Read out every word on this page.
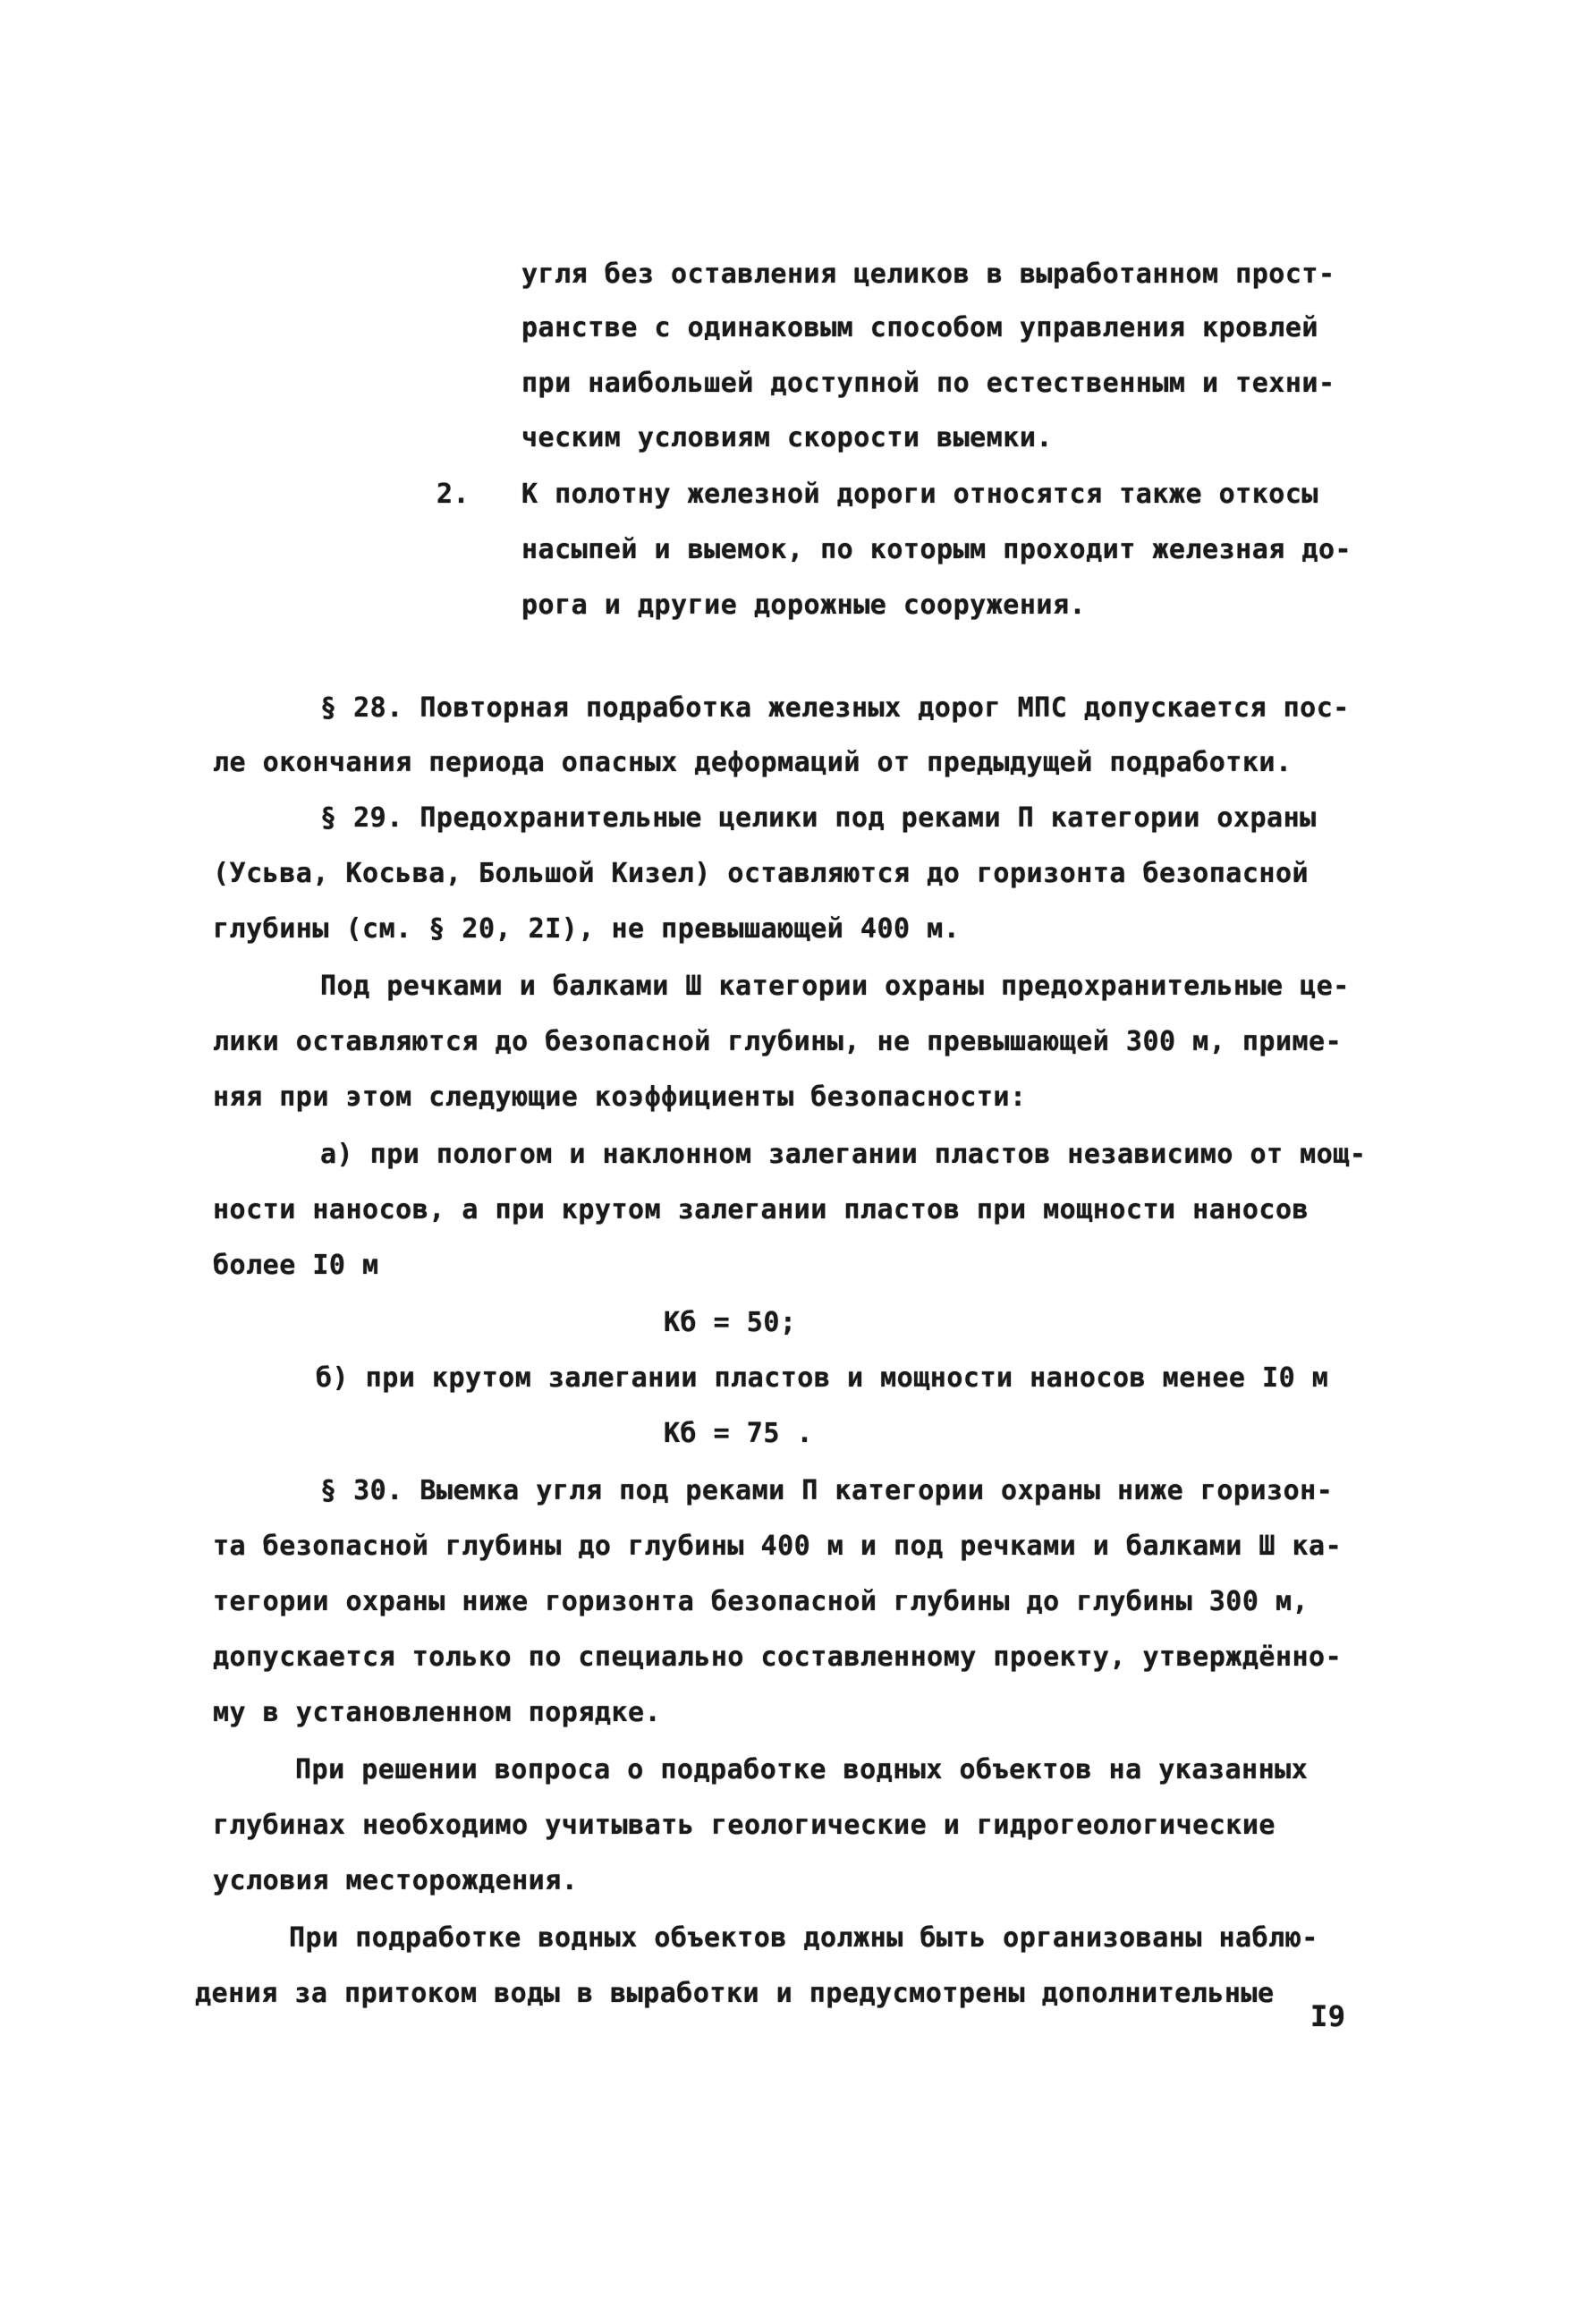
угля без оставления целиков в выработанном прост-
ранстве с одинаковым способом управления кровлей
при наибольшей доступной по естественным и техни-
ческим условиям скорости выемки.
2. К полотну железной дороги относятся также откосы
насыпей и выемок, по которым проходит железная до-
рога и другие дорожные сооружения.
§ 28. Повторная подработка железных дорог МПС допускается пос-
ле окончания периода опасных деформаций от предыдущей подработки.
§ 29. Предохранительные целики под реками П категории охраны
(Усьва, Косьва, Большой Кизел) оставляются до горизонта безопасной
глубины (см. § 20, 2I), не превышающей 400 м.
Под речками и балками Ш категории охраны предохранительные це-
лики оставляются до безопасной глубины, не превышающей 300 м, приме-
няя при этом следующие коэффициенты безопасности:
а) при пологом и наклонном залегании пластов независимо от мощ-
ности наносов, а при крутом залегании пластов при мощности наносов
более I0 м
Кб = 50;
б) при крутом залегании пластов и мощности наносов менее I0 м
Кб = 75 .
§ 30. Выемка угля под реками П категории охраны ниже горизон-
та безопасной глубины до глубины 400 м и под речками и балками Ш ка-
тегории охраны ниже горизонта безопасной глубины до глубины 300 м,
допускается только по специально составленному проекту, утверждённо-
му в установленном порядке.
При решении вопроса о подработке водных объектов на указанных
глубинах необходимо учитывать геологические и гидрогеологические
условия месторождения.
При подработке водных объектов должны быть организованы наблю-
дения за притоком воды в выработки и предусмотрены дополнительные
I9
